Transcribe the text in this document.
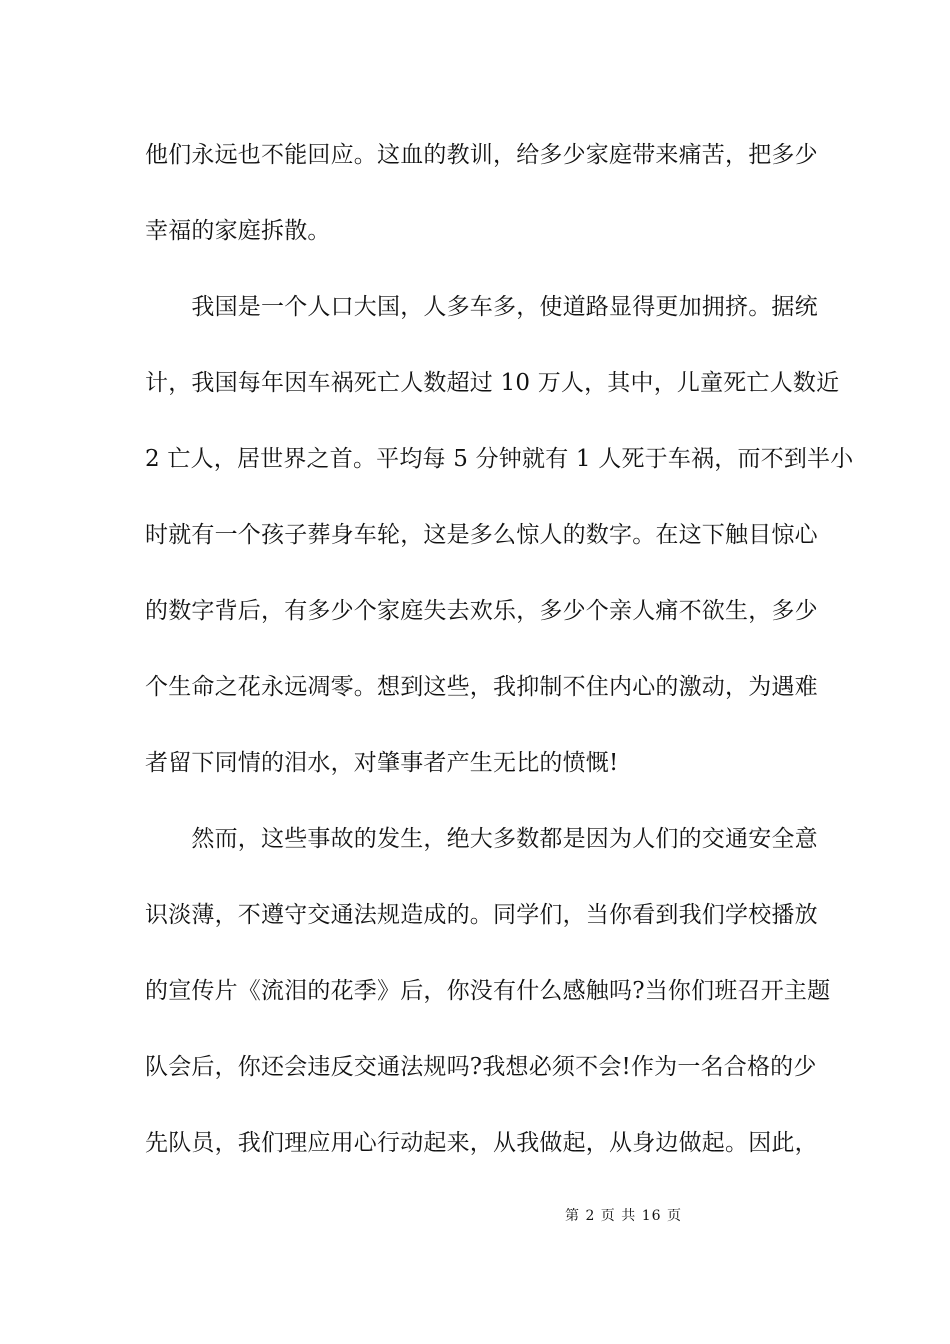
他们永远也不能回应。这血的教训，给多少家庭带来痛苦，把多少
幸福的家庭拆散。
　　我国是一个人口大国，人多车多，使道路显得更加拥挤。据统
计，我国每年因车祸死亡人数超过 10 万人，其中，儿童死亡人数近
2 亡人，居世界之首。平均每 5 分钟就有 1 人死于车祸，而不到半小
时就有一个孩子葬身车轮，这是多么惊人的数字。在这下触目惊心
的数字背后，有多少个家庭失去欢乐，多少个亲人痛不欲生，多少
个生命之花永远凋零。想到这些，我抑制不住内心的激动，为遇难
者留下同情的泪水，对肇事者产生无比的愤慨!
　　然而，这些事故的发生，绝大多数都是因为人们的交通安全意
识淡薄，不遵守交通法规造成的。同学们，当你看到我们学校播放
的宣传片《流泪的花季》后，你没有什么感触吗?当你们班召开主题
队会后，你还会违反交通法规吗?我想必须不会!作为一名合格的少
先队员，我们理应用心行动起来，从我做起，从身边做起。因此，
第 2 页 共 16 页
